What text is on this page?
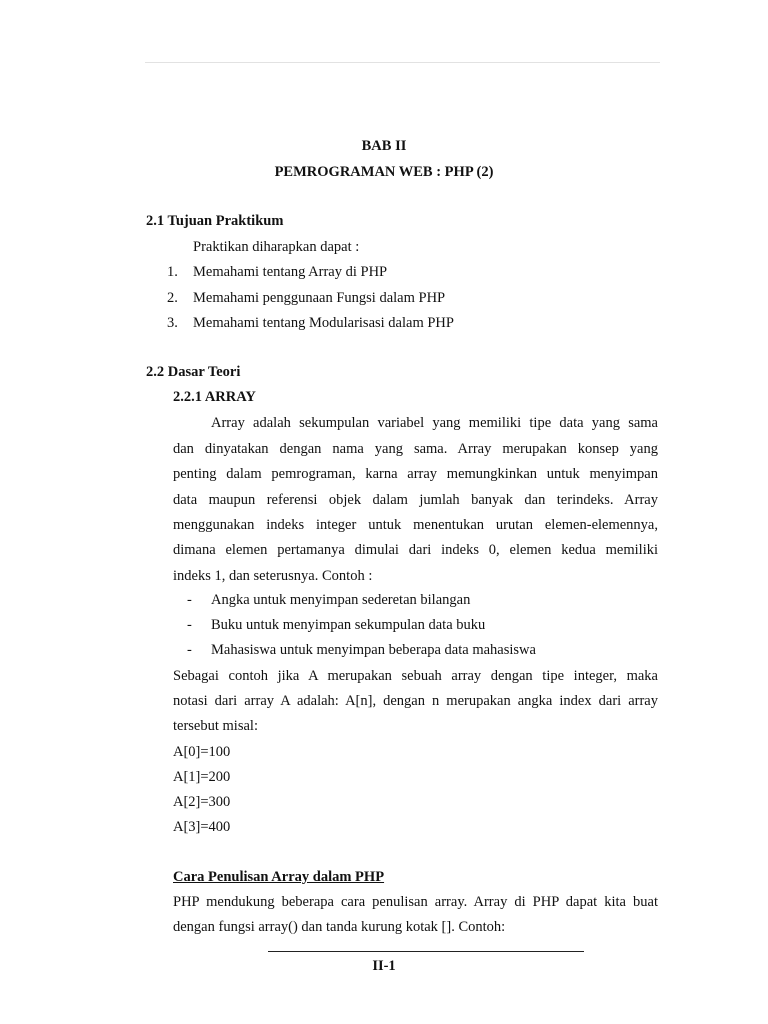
BAB II
PEMROGRAMAN WEB : PHP (2)
2.1 Tujuan Praktikum
Praktikan diharapkan dapat :
1. Memahami tentang Array di PHP
2. Memahami penggunaan Fungsi dalam PHP
3. Memahami tentang Modularisasi dalam PHP
2.2 Dasar Teori
2.2.1 ARRAY
Array adalah sekumpulan variabel yang memiliki tipe data yang sama
dan dinyatakan dengan nama yang sama. Array merupakan konsep yang
penting dalam pemrograman, karna array memungkinkan untuk menyimpan
data maupun referensi objek dalam jumlah banyak dan terindeks. Array
menggunakan indeks integer untuk menentukan urutan elemen-elemennya,
dimana elemen pertamanya dimulai dari indeks 0, elemen kedua memiliki
indeks 1, dan seterusnya. Contoh :
- Angka untuk menyimpan sederetan bilangan
- Buku untuk menyimpan sekumpulan data buku
- Mahasiswa untuk menyimpan beberapa data mahasiswa
Sebagai contoh jika A merupakan sebuah array dengan tipe integer, maka
notasi dari array A adalah: A[n], dengan n merupakan angka index dari array
tersebut misal:
A[0]=100
A[1]=200
A[2]=300
A[3]=400
Cara Penulisan Array dalam PHP
PHP mendukung beberapa cara penulisan array. Array di PHP dapat kita buat
dengan fungsi array() dan tanda kurung kotak []. Contoh:
II-1
